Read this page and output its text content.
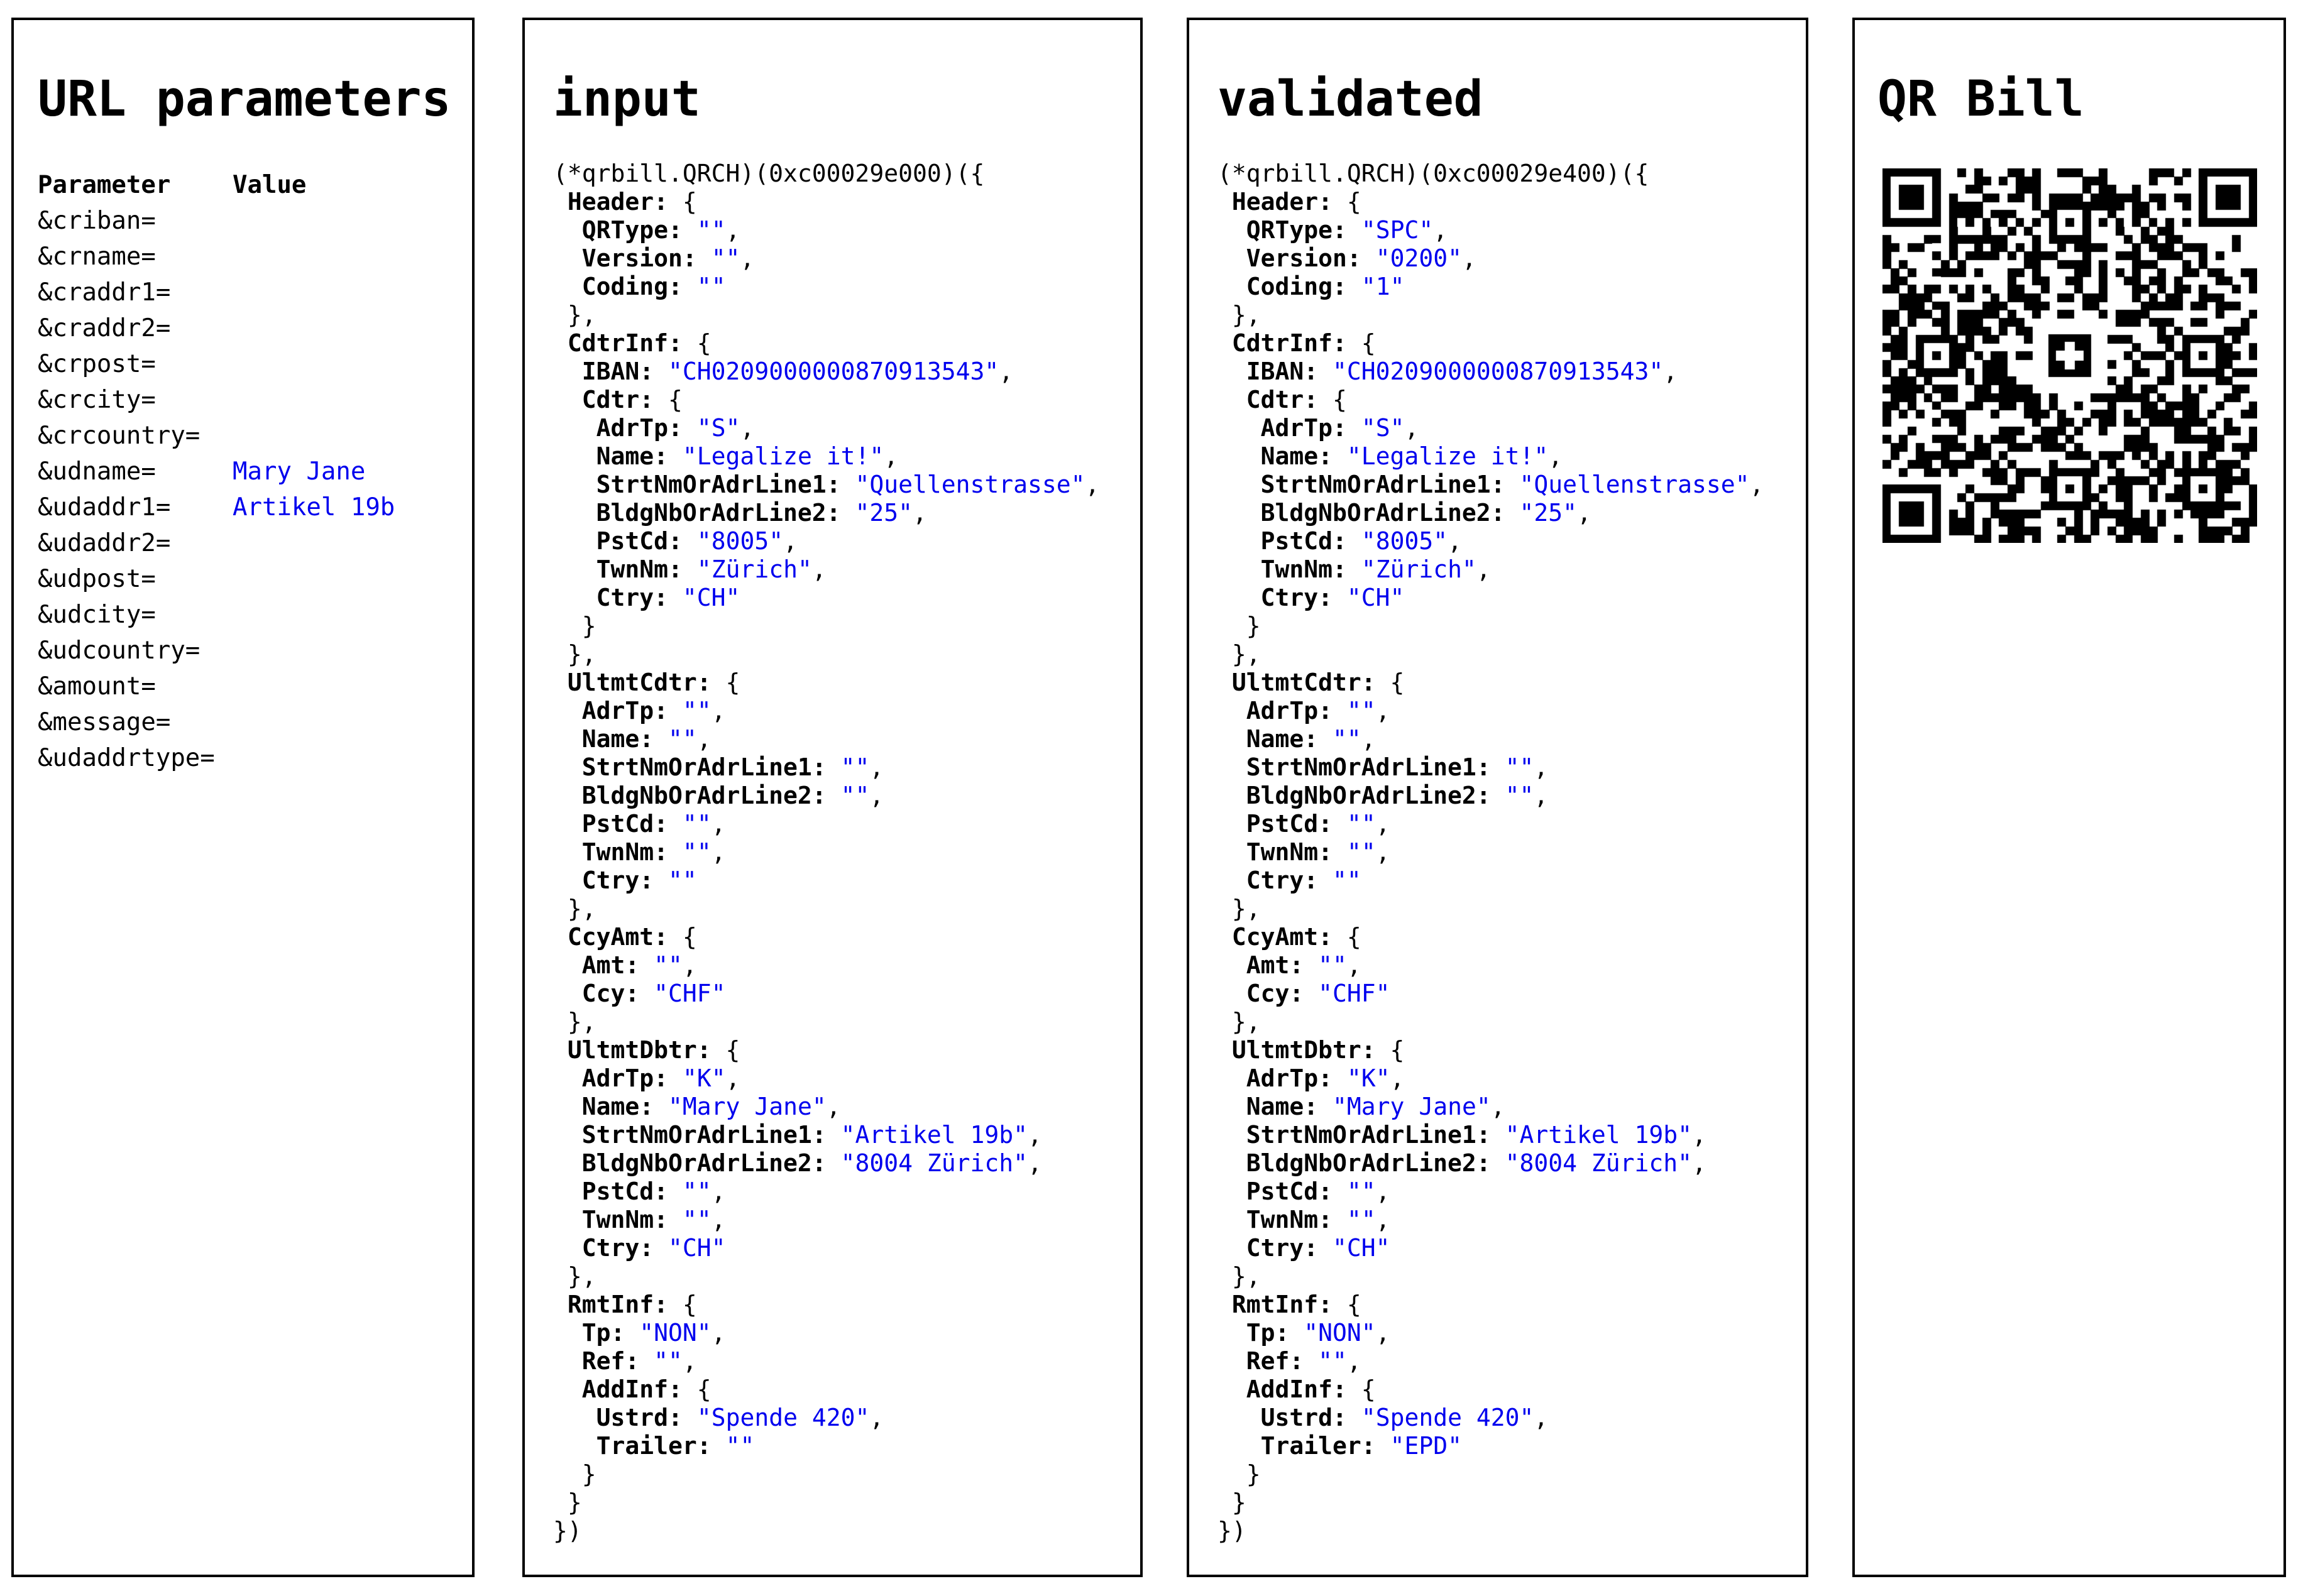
URL parameters
Parameter	Value
&criban=
&crname=
&craddr1=
&craddr2=
&crpost=
&crcity=
&crcountry=
&udname=	Mary Jane
&udaddr1=	Artikel 19b
&udaddr2=
&udpost=
&udcity=
&udcountry=
&amount=
&message=
&udaddrtype=
input
(*qrbill.QRCH)(0xc00029e000)({
Header: {
QRType: "",
Version: "",
Coding: ""
},
CdtrInf: {
IBAN: "CH0209000000870913543",
Cdtr: {
AdrTp: "S",
Name: "Legalize it!",
StrtNmOrAdrLine1: "Quellenstrasse",
BldgNbOrAdrLine2: "25",
PstCd: "8005",
TwnNm: "Zürich",
Ctry: "CH"
}
},
UltmtCdtr: {
AdrTp: "",
Name: "",
StrtNmOrAdrLine1: "",
BldgNbOrAdrLine2: "",
PstCd: "",
TwnNm: "",
Ctry: ""
},
CcyAmt: {
Amt: "",
Ccy: "CHF"
},
UltmtDbtr: {
AdrTp: "K",
Name: "Mary Jane",
StrtNmOrAdrLine1: "Artikel 19b",
BldgNbOrAdrLine2: "8004 Zürich",
PstCd: "",
TwnNm: "",
Ctry: "CH"
},
RmtInf: {
Tp: "NON",
Ref: "",
AddInf: {
Ustrd: "Spende 420",
Trailer: ""
}
}
})
validated
(*qrbill.QRCH)(0xc00029e400)({
Header: {
QRType: "SPC",
Version: "0200",
Coding: "1"
},
CdtrInf: {
IBAN: "CH0209000000870913543",
Cdtr: {
AdrTp: "S",
Name: "Legalize it!",
StrtNmOrAdrLine1: "Quellenstrasse",
BldgNbOrAdrLine2: "25",
PstCd: "8005",
TwnNm: "Zürich",
Ctry: "CH"
}
},
UltmtCdtr: {
AdrTp: "",
Name: "",
StrtNmOrAdrLine1: "",
BldgNbOrAdrLine2: "",
PstCd: "",
TwnNm: "",
Ctry: ""
},
CcyAmt: {
Amt: "",
Ccy: "CHF"
},
UltmtDbtr: {
AdrTp: "K",
Name: "Mary Jane",
StrtNmOrAdrLine1: "Artikel 19b",
BldgNbOrAdrLine2: "8004 Zürich",
PstCd: "",
TwnNm: "",
Ctry: "CH"
},
RmtInf: {
Tp: "NON",
Ref: "",
AddInf: {
Ustrd: "Spende 420",
Trailer: "EPD"
}
}
})
QR Bill
